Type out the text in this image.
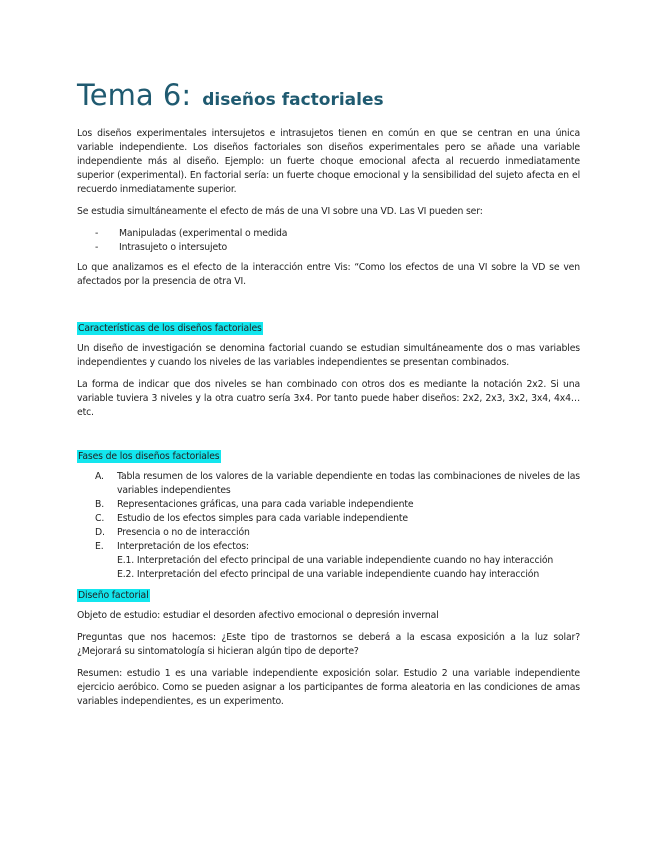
Tema 6: diseños factoriales

Los diseños experimentales intersujetos e intrasujetos tienen en común en que se centran en una única variable independiente. Los diseños factoriales son diseños experimentales pero se añade una variable independiente más al diseño. Ejemplo: un fuerte choque emocional afecta al recuerdo inmediatamente superior (experimental). En factorial sería: un fuerte choque emocional y la sensibilidad del sujeto afecta en el recuerdo inmediatamente superior.

Se estudia simultáneamente el efecto de más de una VI sobre una VD. Las VI pueden ser:

- Manipuladas (experimental o medida
- Intrasujeto o intersujeto

Lo que analizamos es el efecto de la interacción entre Vis: “Como los efectos de una VI sobre la VD se ven afectados por la presencia de otra VI.

Características de los diseños factoriales

Un diseño de investigación se denomina factorial cuando se estudian simultáneamente dos o mas variables independientes y cuando los niveles de las variables independientes se presentan combinados.

La forma de indicar que dos niveles se han combinado con otros dos es mediante la notación 2x2. Si una variable tuviera 3 niveles y la otra cuatro sería 3x4. Por tanto puede haber diseños: 2x2, 2x3, 3x2, 3x4, 4x4… etc.

Fases de los diseños factoriales
A. Tabla resumen de los valores de la variable dependiente en todas las combinaciones de niveles de las variables independientes
B. Representaciones gráficas, una para cada variable independiente
C. Estudio de los efectos simples para cada variable independiente
D. Presencia o no de interacción
E. Interpretación de los efectos:
E.1. Interpretación del efecto principal de una variable independiente cuando no hay interacción
E.2. Interpretación del efecto principal de una variable independiente cuando hay interacción
Diseño factorial

Objeto de estudio: estudiar el desorden afectivo emocional o depresión invernal

Preguntas que nos hacemos: ¿Este tipo de trastornos se deberá a la escasa exposición a la luz solar? ¿Mejorará su sintomatología si hicieran algún tipo de deporte?

Resumen: estudio 1 es una variable independiente exposición solar. Estudio 2 una variable independiente ejercicio aeróbico. Como se pueden asignar a los participantes de forma aleatoria en las condiciones de amas variables independientes, es un experimento.
